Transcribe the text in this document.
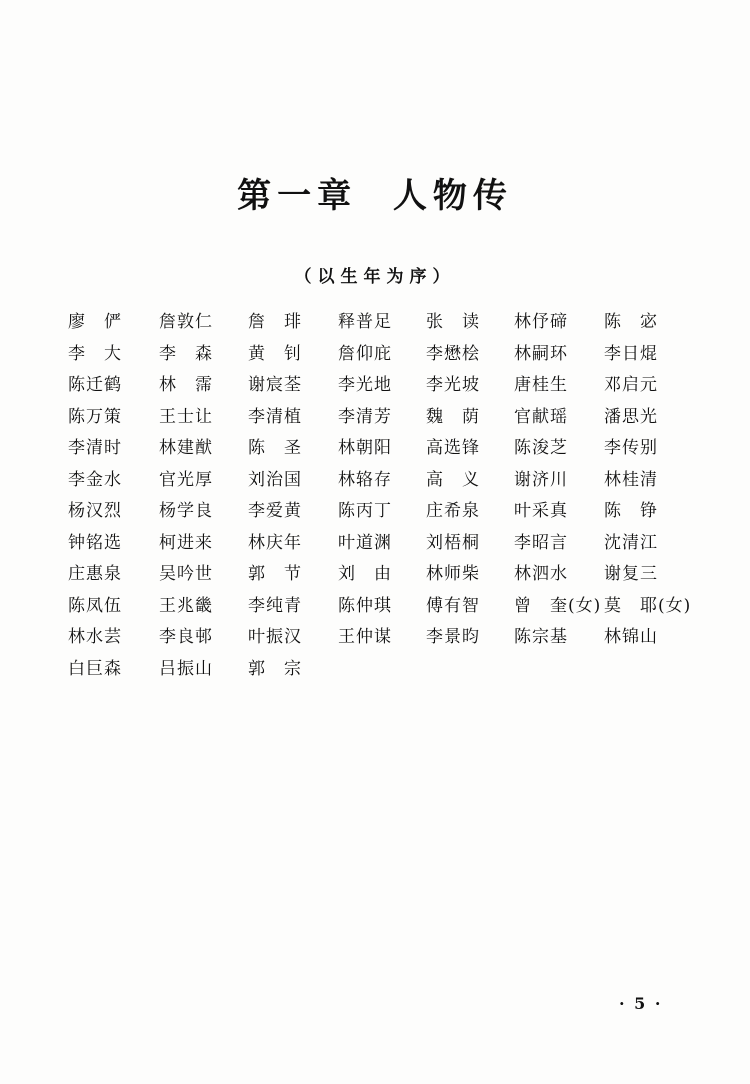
第一章  人物传
（以生年为序）
廖　俨 詹敦仁 詹　琲 释普足 张　读 林伃碲 陈　宓
李　大 李　森 黄　钊 詹仰庇 李懋桧 林嗣环 李日焜
陈迁鹤 林　霈 谢宸荃 李光地 李光坡 唐桂生 邓启元
陈万策 王士让 李清植 李清芳 魏　荫 官献瑶 潘思光
李清时 林建猷 陈　圣 林朝阳 高选锋 陈浚芝 李传别
李金水 官光厚 刘治国 林辂存 高　义 谢济川 林桂清
杨汉烈 杨学良 李爱黄 陈丙丁 庄希泉 叶采真 陈　铮
钟铭选 柯进来 林庆年 叶道渊 刘梧桐 李昭言 沈清江
庄惠泉 吴吟世 郭　节 刘　由 林师柴 林泗水 谢复三
陈凤伍 王兆畿 李纯青 陈仲琪 傅有智 曾　奎(女) 莫　耶(女)
林水芸 李良邨 叶振汉 王仲谋 李景昀 陈宗基 林锦山
白巨森 吕振山 郭　宗
· 5 ·
